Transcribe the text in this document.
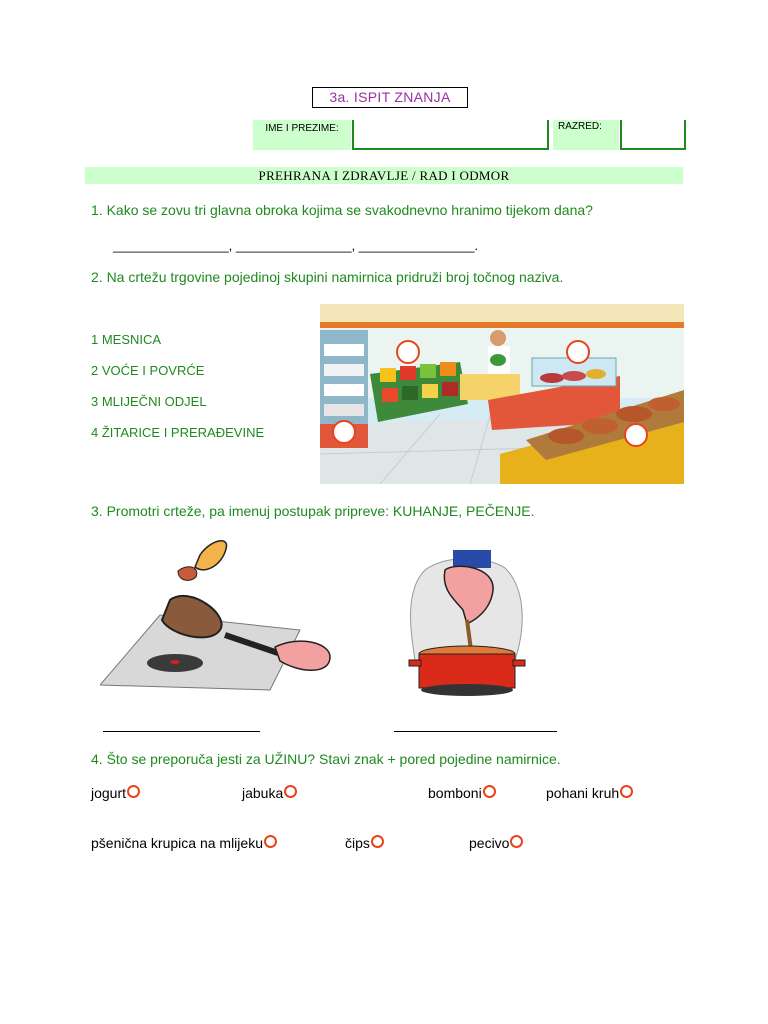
3a. ISPIT ZNANJA
IME I PREZIME:	RAZRED:
PREHRANA I ZDRAVLJE / RAD I ODMOR
1. Kako se zovu tri glavna obroka kojima se svakodnevno hranimo tijekom dana?
________________, ________________, ________________.
2. Na crtežu trgovine pojedinoj skupini namirnica pridruži broj točnog naziva.
1 MESNICA
2 VOĆE I POVRĆE
3 MLIJEČNI ODJEL
4 ŽITARICE I PRERAĐEVINE
3. Promotri crteže, pa imenuj postupak pripreve: KUHANJE, PEČENJE.
4. Što se preporuča jesti za UŽINU? Stavi znak + pored pojedine namirnice.
jogurt	jabuka	bomboni	pohani kruh
pšenična krupica na mlijeku	čips	pecivo
